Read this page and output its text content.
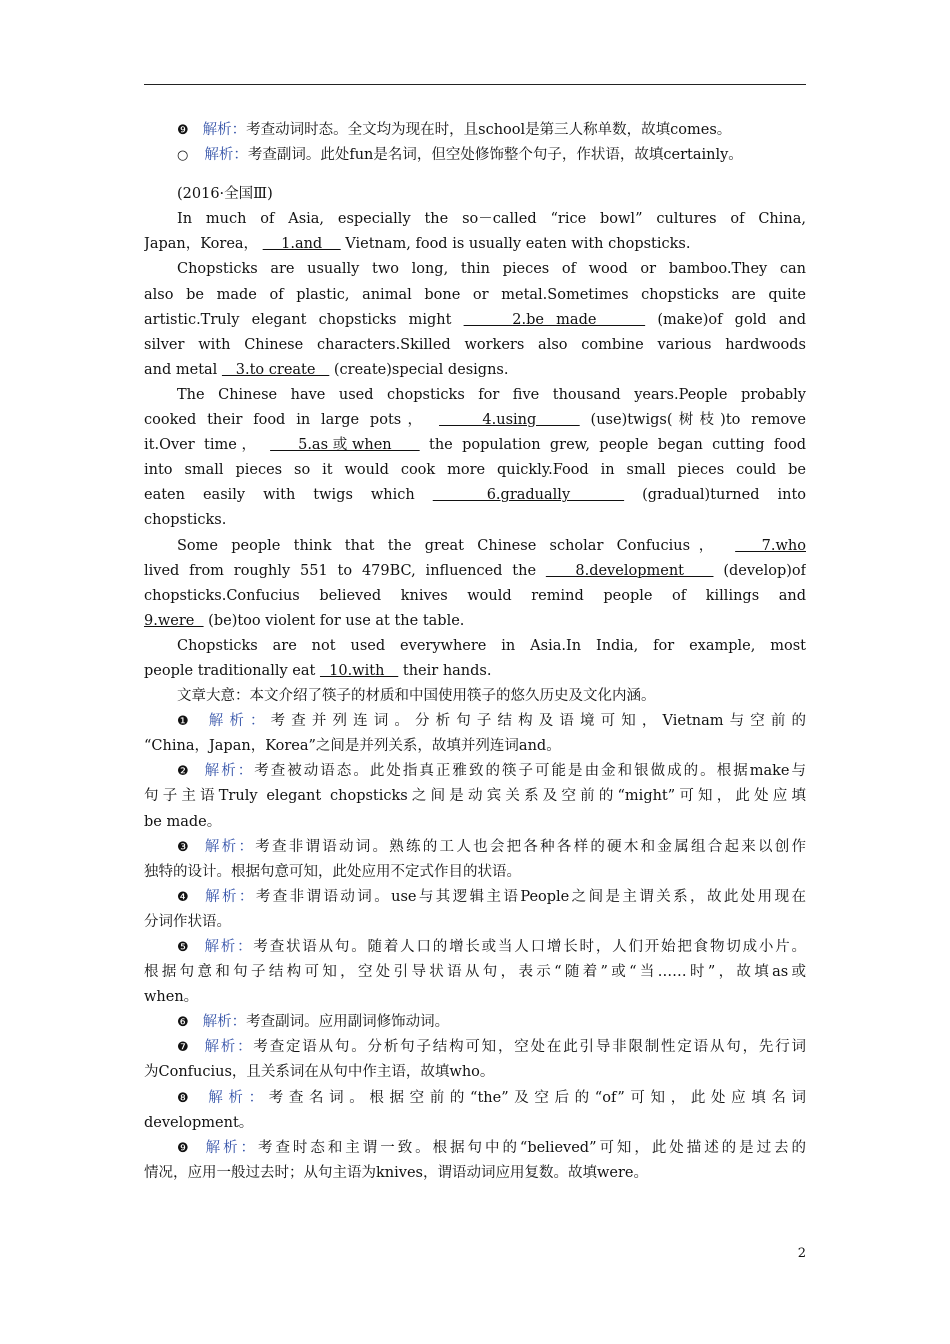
❾ 解析：考查动词时态。全文均为现在时，且school是第三人称单数，故填comes。
○ 解析：考查副词。此处fun是名词，但空处修饰整个句子，作状语，故填certainly。
(2016·全国Ⅲ)
In much of Asia, especially the so－called “rice bowl” cultures of China,
Japan，Korea，     1.and     Vietnam, food is usually eaten with chopsticks.
Chopsticks are usually two long, thin pieces of wood or bamboo.They can
also be made of plastic, animal bone or metal.Sometimes chopsticks are quite
artistic.Truly elegant chopsticks might     2.be made     (make)of gold and
silver with Chinese characters.Skilled workers also combine various hardwoods
and metal    3.to create    (create)special designs.
The Chinese have used chopsticks for five thousand years.People probably
cooked their food in large pots，     4.using     (use)twigs(树枝)to remove
it.Over time，    5.as或when    the population grew, people began cutting food
into small pieces so it would cook more quickly.Food in small pieces could be
eaten easily with twigs which    6.gradually    (gradual)turned into
chopsticks.
Some people think that the great Chinese scholar Confucius，   7.who
lived from roughly 551 to 479BC, influenced the    8.development    (develop)of
chopsticks.Confucius believed knives would remind people of killings and
9.were   (be)too violent for use at the table.
Chopsticks are not used everywhere in Asia.In India, for example, most
people traditionally eat   10.with    their hands.
文章大意：本文介绍了筷子的材质和中国使用筷子的悠久历史及文化内涵。
❶ 解析：考查并列连词。分析句子结构及语境可知，Vietnam与空前的
“China，Japan，Korea”之间是并列关系，故填并列连词and。
❷ 解析：考查被动语态。此处指真正雅致的筷子可能是由金和银做成的。根据make与
句子主语Truly elegant chopsticks之间是动宾关系及空前的“might”可知，此处应填
be made。
❸ 解析：考查非谓语动词。熟练的工人也会把各种各样的硬木和金属组合起来以创作
独特的设计。根据句意可知，此处应用不定式作目的状语。
❹ 解析：考查非谓语动词。use与其逻辑主语People之间是主谓关系，故此处用现在
分词作状语。
❺ 解析：考查状语从句。随着人口的增长或当人口增长时，人们开始把食物切成小片。
根据句意和句子结构可知，空处引导状语从句，表示“随着”或“当……时”，故填as或
when。
❻ 解析：考查副词。应用副词修饰动词。
❼ 解析：考查定语从句。分析句子结构可知，空处在此引导非限制性定语从句，先行词
为Confucius，且关系词在从句中作主语，故填who。
❽ 解析：考查名词。根据空前的“the”及空后的“of”可知，此处应填名词
development。
❾ 解析：考查时态和主谓一致。根据句中的“believed”可知，此处描述的是过去的
情况，应用一般过去时；从句主语为knives，谓语动词应用复数。故填were。
2
